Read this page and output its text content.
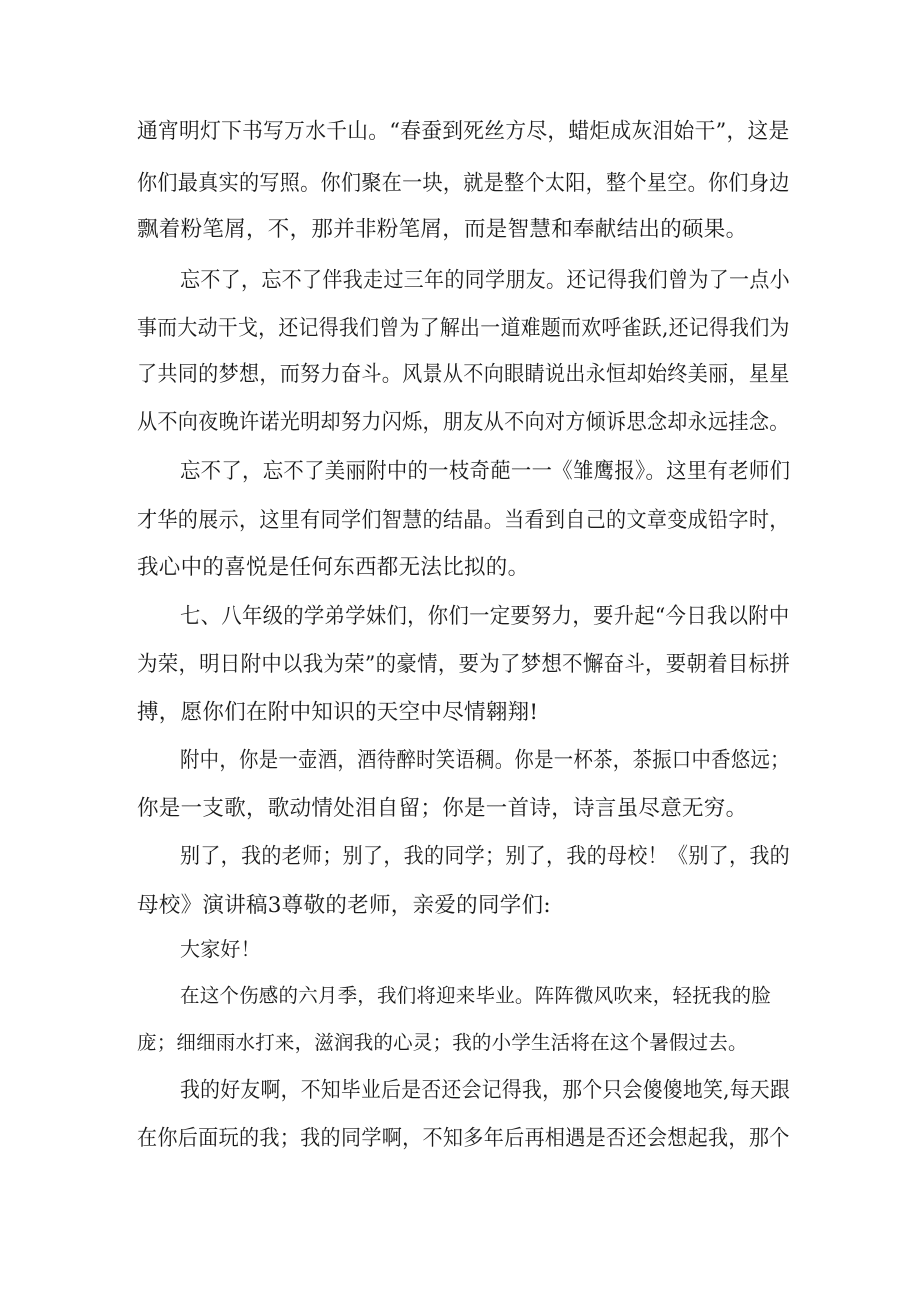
通宵明灯下书写万水千山。“春蚕到死丝方尽，蜡炬成灰泪始干”，这是
你们最真实的写照。你们聚在一块，就是整个太阳，整个星空。你们身边
飘着粉笔屑，不，那并非粉笔屑，而是智慧和奉献结出的硕果。
忘不了，忘不了伴我走过三年的同学朋友。还记得我们曾为了一点小
事而大动干戈，还记得我们曾为了解出一道难题而欢呼雀跃,还记得我们为
了共同的梦想，而努力奋斗。风景从不向眼睛说出永恒却始终美丽，星星
从不向夜晚许诺光明却努力闪烁，朋友从不向对方倾诉思念却永远挂念。
忘不了，忘不了美丽附中的一枝奇葩一一《雏鹰报》。这里有老师们
才华的展示，这里有同学们智慧的结晶。当看到自己的文章变成铅字时，
我心中的喜悦是任何东西都无法比拟的。
七、八年级的学弟学妹们，你们一定要努力，要升起“今日我以附中
为荣，明日附中以我为荣”的豪情，要为了梦想不懈奋斗，要朝着目标拼
搏，愿你们在附中知识的天空中尽情翱翔!
附中，你是一壶酒，酒待醉时笑语稠。你是一杯茶，茶振口中香悠远；
你是一支歌，歌动情处泪自留；你是一首诗，诗言虽尽意无穷。
别了，我的老师；别了，我的同学；别了，我的母校！《别了，我的
母校》演讲稿3尊敬的老师，亲爱的同学们:
大家好！
在这个伤感的六月季，我们将迎来毕业。阵阵微风吹来，轻抚我的脸
庞；细细雨水打来，滋润我的心灵；我的小学生活将在这个暑假过去。
我的好友啊，不知毕业后是否还会记得我，那个只会傻傻地笑,每天跟
在你后面玩的我；我的同学啊，不知多年后再相遇是否还会想起我，那个
